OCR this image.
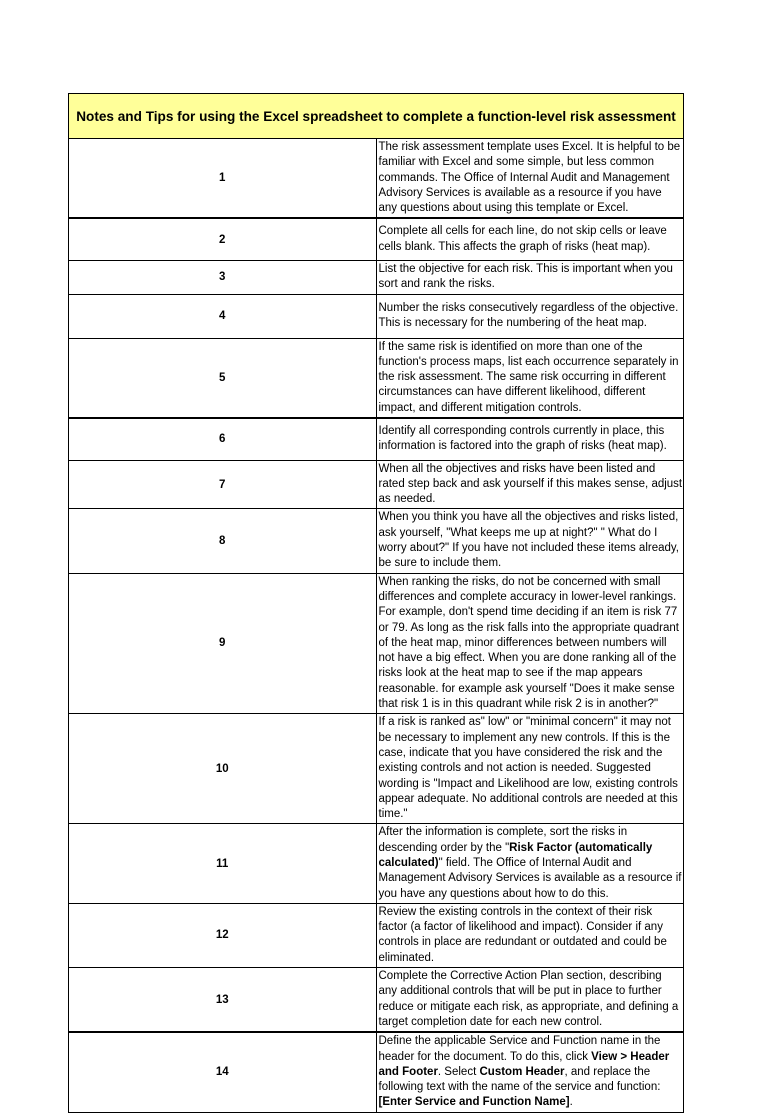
Notes and Tips for using the Excel spreadsheet to complete a function-level risk assessment	
1	The risk assessment template uses Excel. It is helpful to be familiar with Excel and some simple, but less common commands. The Office of Internal Audit and Management Advisory Services is available as a resource if you have any questions about using this template or Excel.
2	Complete all cells for each line, do not skip cells or leave cells blank. This affects the graph of risks (heat map).
3	List the objective for each risk. This is important when you sort and rank the risks.
4	Number the risks consecutively regardless of the objective. This is necessary for the numbering of the heat map.
5	If the same risk is identified on more than one of the function's process maps, list each occurrence separately in the risk assessment. The same risk occurring in different circumstances can have different likelihood, different impact, and different mitigation controls.
6	Identify all corresponding controls currently in place, this information is factored into the graph of risks (heat map).
7	When all the objectives and risks have been listed and rated step back and ask yourself if this makes sense, adjust as needed.
8	When you think you have all the objectives and risks listed, ask yourself, "What keeps me up at night?" " What do I worry about?" If you have not included these items already, be sure to include them.
9	When ranking the risks, do not be concerned with small differences and complete accuracy in lower-level rankings. For example, don't spend time deciding if an item is risk 77 or 79. As long as the risk falls into the appropriate quadrant of the heat map, minor differences between numbers will not have a big effect. When you are done ranking all of the risks look at the heat map to see if the map appears reasonable. for example ask yourself "Does it make sense that risk 1 is in this quadrant while risk 2 is in another?"
10	If a risk is ranked as" low" or "minimal concern" it may not be necessary to implement any new controls. If this is the case, indicate that you have considered the risk and the existing controls and not action is needed. Suggested wording is "Impact and Likelihood are low, existing controls appear adequate. No additional controls are needed at this time."
11	After the information is complete, sort the risks in descending order by the "Risk Factor (automatically calculated)" field. The Office of Internal Audit and Management Advisory Services is available as a resource if you have any questions about how to do this.
12	Review the existing controls in the context of their risk factor (a factor of likelihood and impact). Consider if any controls in place are redundant or outdated and could be eliminated.
13	Complete the Corrective Action Plan section, describing any additional controls that will be put in place to further reduce or mitigate each risk, as appropriate, and defining a target completion date for each new control.
14	Define the applicable Service and Function name in the header for the document. To do this, click View > Header and Footer. Select Custom Header, and replace the following text with the name of the service and function: [Enter Service and Function Name].
